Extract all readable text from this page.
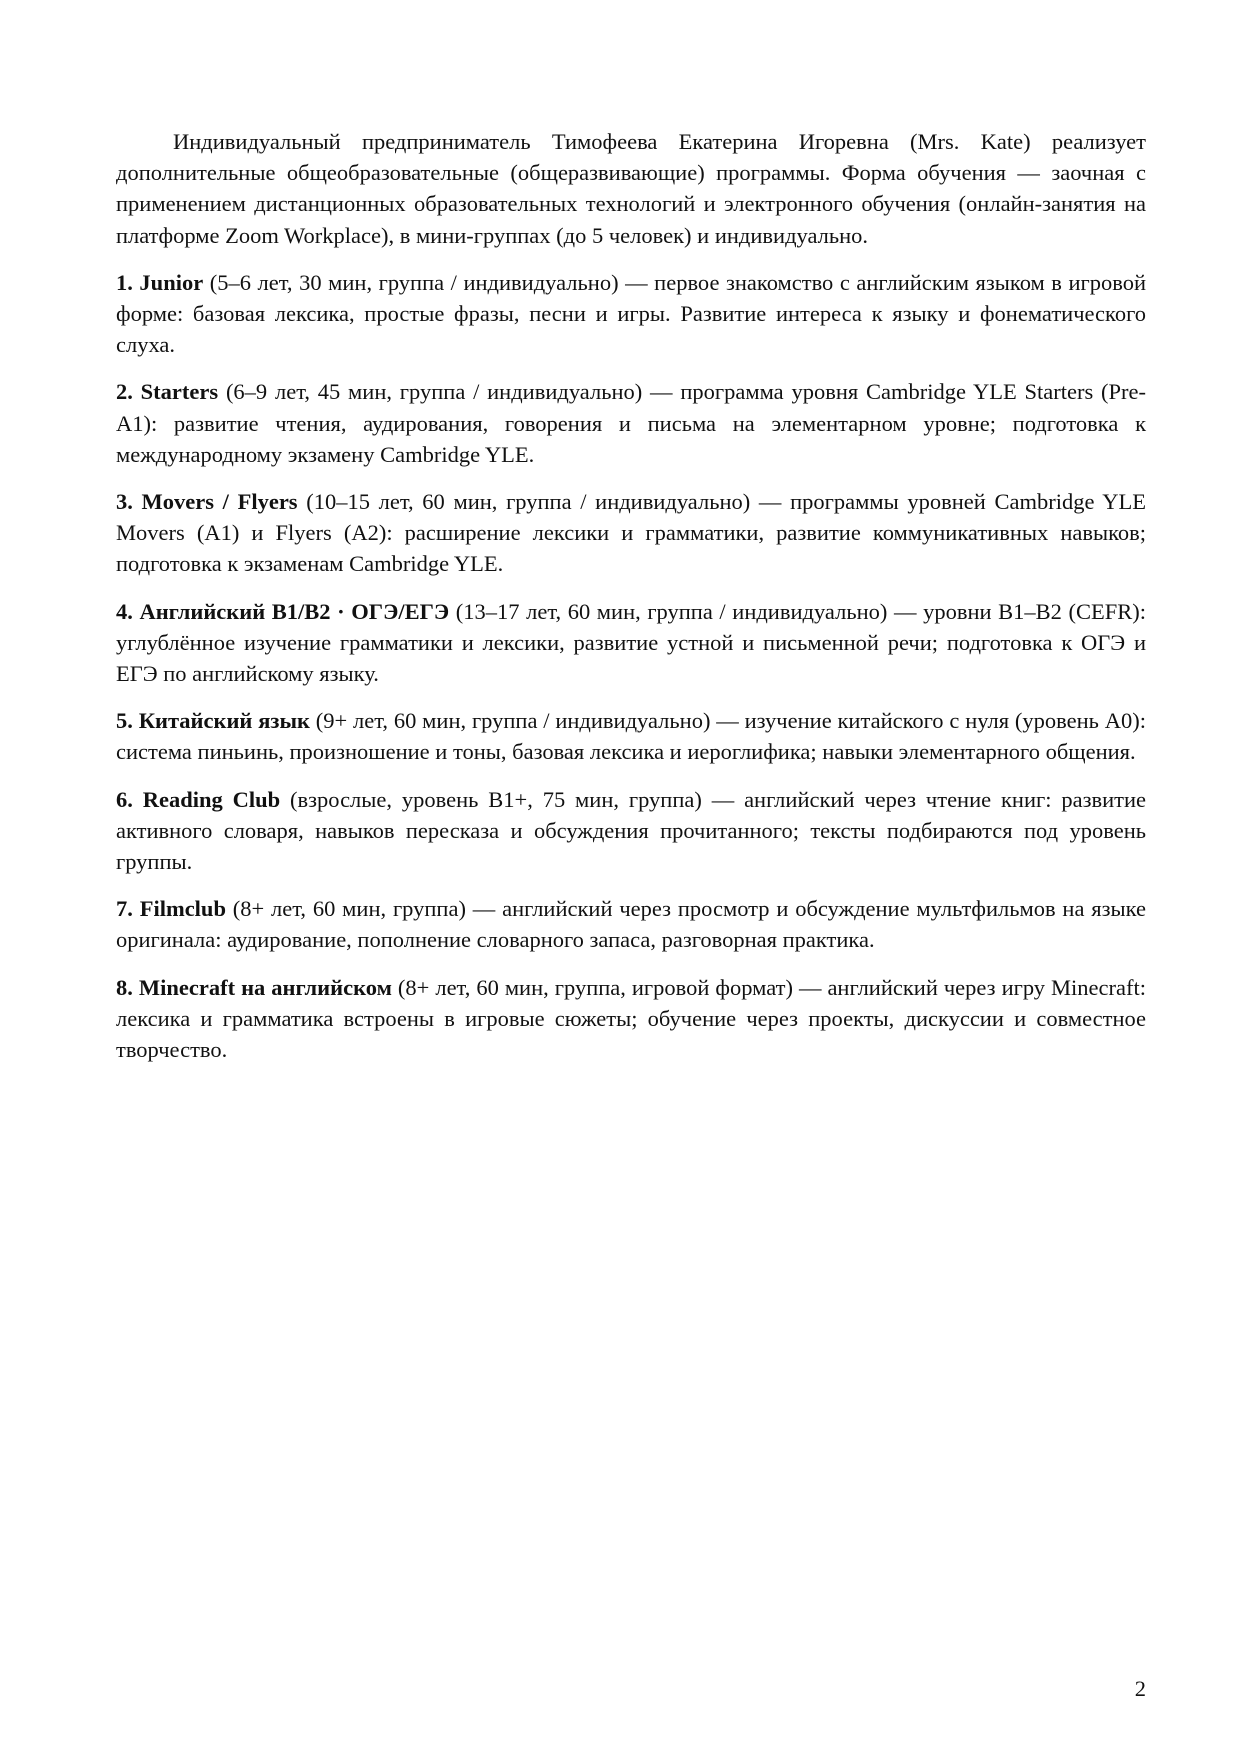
Индивидуальный предприниматель Тимофеева Екатерина Игоревна (Mrs. Kate) реализует дополнительные общеобразовательные (общеразвивающие) программы. Форма обучения — заочная с применением дистанционных образовательных технологий и электронного обучения (онлайн-занятия на платформе Zoom Workplace), в мини-группах (до 5 человек) и индивидуально.

1. Junior (5–6 лет, 30 мин, группа / индивидуально) — первое знакомство с английским языком в игровой форме: базовая лексика, простые фразы, песни и игры. Развитие интереса к языку и фонематического слуха.

2. Starters (6–9 лет, 45 мин, группа / индивидуально) — программа уровня Cambridge YLE Starters (Pre-A1): развитие чтения, аудирования, говорения и письма на элементарном уровне; подготовка к международному экзамену Cambridge YLE.

3. Movers / Flyers (10–15 лет, 60 мин, группа / индивидуально) — программы уровней Cambridge YLE Movers (A1) и Flyers (A2): расширение лексики и грамматики, развитие коммуникативных навыков; подготовка к экзаменам Cambridge YLE.

4. Английский B1/B2 · ОГЭ/ЕГЭ (13–17 лет, 60 мин, группа / индивидуально) — уровни B1–B2 (CEFR): углублённое изучение грамматики и лексики, развитие устной и письменной речи; подготовка к ОГЭ и ЕГЭ по английскому языку.

5. Китайский язык (9+ лет, 60 мин, группа / индивидуально) — изучение китайского с нуля (уровень A0): система пиньинь, произношение и тоны, базовая лексика и иероглифика; навыки элементарного общения.

6. Reading Club (взрослые, уровень B1+, 75 мин, группа) — английский через чтение книг: развитие активного словаря, навыков пересказа и обсуждения прочитанного; тексты подбираются под уровень группы.

7. Filmclub (8+ лет, 60 мин, группа) — английский через просмотр и обсуждение мультфильмов на языке оригинала: аудирование, пополнение словарного запаса, разговорная практика.

8. Minecraft на английском (8+ лет, 60 мин, группа, игровой формат) — английский через игру Minecraft: лексика и грамматика встроены в игровые сюжеты; обучение через проекты, дискуссии и совместное творчество.

2
